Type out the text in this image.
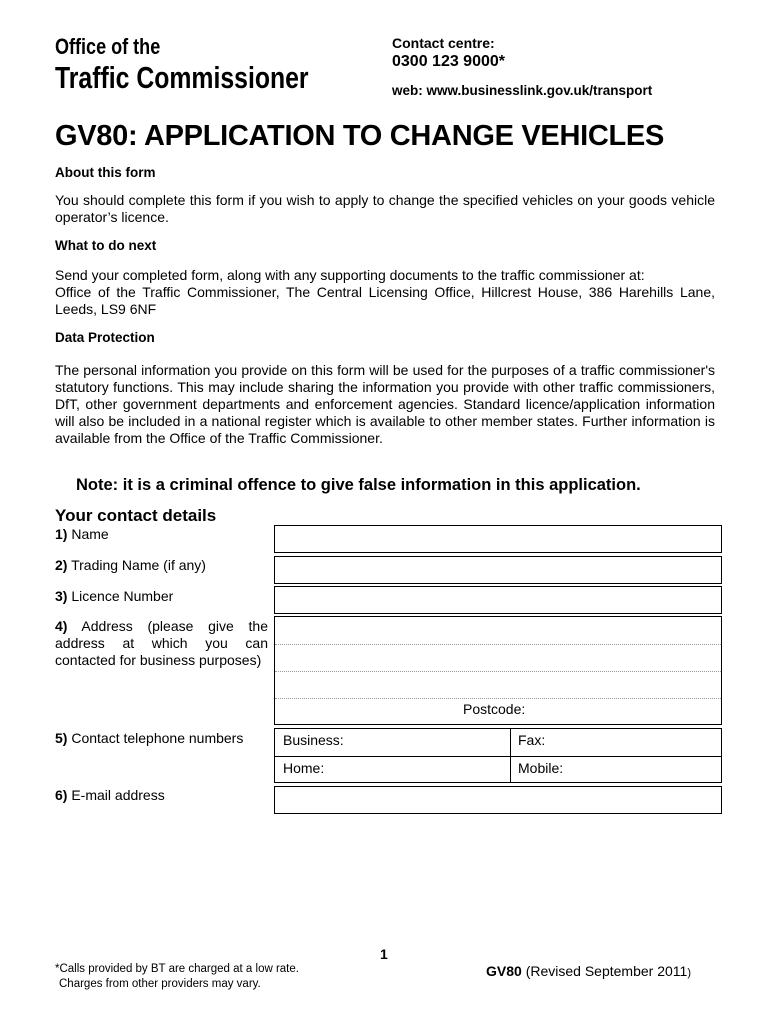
Office of the
Traffic Commissioner
Contact centre:
0300 123 9000*
web: www.businesslink.gov.uk/transport
GV80: APPLICATION TO CHANGE VEHICLES
About this form
You should complete this form if you wish to apply to change the specified vehicles on your goods vehicle operator’s licence.
What to do next
Send your completed form, along with any supporting documents to the traffic commissioner at:
Office of the Traffic Commissioner, The Central Licensing Office, Hillcrest House, 386 Harehills Lane, Leeds, LS9 6NF
Data Protection
The personal information you provide on this form will be used for the purposes of a traffic commissioner's statutory functions. This may include sharing the information you provide with other traffic commissioners, DfT, other government departments and enforcement agencies. Standard licence/application information will also be included in a national register which is available to other member states. Further information is available from the Office of the Traffic Commissioner.
Note: it is a criminal offence to give false information in this application.
Your contact details
1) Name
2) Trading Name (if any)
3) Licence Number
4) Address (please give the address at which you can contacted for business purposes)
Postcode:
5) Contact telephone numbers	Business:	Fax:
Home:	Mobile:
6) E-mail address
1
*Calls provided by BT are charged at a low rate.
Charges from other providers may vary.
GV80 (Revised September 2011)
